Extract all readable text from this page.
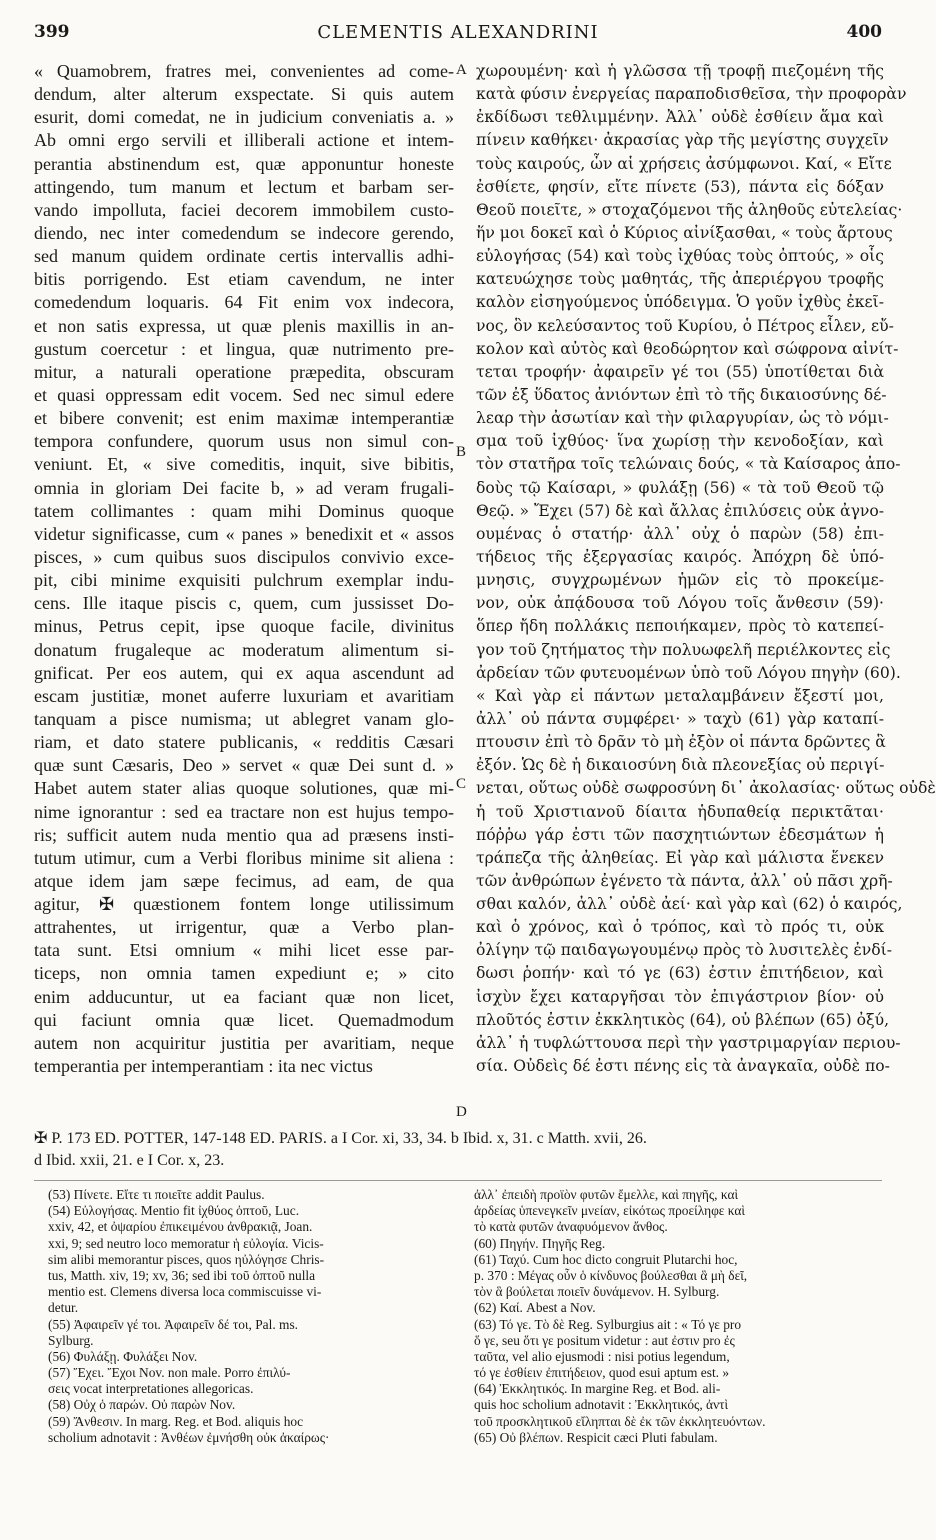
399	CLEMENTIS ALEXANDRINI	400
« Quamobrem, fratres mei, convenientes ad come-
dendum, alter alterum exspectate. Si quis autem
esurit, domi comedat, ne in judicium conveniatis a. »
Ab omni ergo servili et illiberali actione et intem-
perantia abstinendum est, quæ apponuntur honeste
attingendo, tum manum et lectum et barbam ser-
vando impolluta, faciei decorem immobilem custo-
diendo, nec inter comedendum se indecore gerendo,
sed manum quidem ordinate certis intervallis adhi-
bitis porrigendo. Est etiam cavendum, ne inter
comedendum loquaris. 64 Fit enim vox indecora,
et non satis expressa, ut quæ plenis maxillis in an-
gustum coercetur : et lingua, quæ nutrimento pre-
mitur, a naturali operatione præpedita, obscuram
et quasi oppressam edit vocem. Sed nec simul edere
et bibere convenit; est enim maximæ intemperantiæ
tempora confundere, quorum usus non simul con-
veniunt. Et, « sive comeditis, inquit, sive bibitis,
omnia in gloriam Dei facite b, » ad veram frugali-
tatem collimantes : quam mihi Dominus quoque
videtur significasse, cum « panes » benedixit et « assos
pisces, » cum quibus suos discipulos convivio exce-
pit, cibi minime exquisiti pulchrum exemplar indu-
cens. Ille itaque piscis c, quem, cum jussisset Do-
minus, Petrus cepit, ipse quoque facile, divinitus
donatum frugaleque ac moderatum alimentum si-
gnificat. Per eos autem, qui ex aqua ascendunt ad
escam justitiæ, monet auferre luxuriam et avaritiam
tanquam a pisce numisma; ut ablegret vanam glo-
riam, et dato statere publicanis, « redditis Cæsari
quæ sunt Cæsaris, Deo » servet « quæ Dei sunt d. »
Habet autem stater alias quoque solutiones, quæ mi-
nime ignorantur : sed ea tractare non est hujus tempo-
ris; sufficit autem nuda mentio qua ad præsens insti-
tutum utimur, cum a Verbi floribus minime sit aliena :
atque idem jam sæpe fecimus, ad eam, de qua
agitur, ✠ quæstionem fontem longe utilissimum
attrahentes, ut irrigentur, quæ a Verbo plan-
tata sunt. Etsi omnium « mihi licet esse par-
ticeps, non omnia tamen expediunt e; » cito
enim adducuntur, ut ea faciant quæ non licet,
qui faciunt omnia quæ licet. Quemadmodum
autem non acquiritur justitia per avaritiam, neque
temperantia per intemperantiam : ita nec victus
χωρουμένη· καὶ ἡ γλῶσσα τῇ τροφῇ πιεζομένη τῆς
κατὰ φύσιν ἐνεργείας παραποδισθεῖσα, τὴν προφορὰν
ἐκδίδωσι τεθλιμμένην. Ἀλλ᾽ οὐδὲ ἐσθίειν ἅμα καὶ
πίνειν καθήκει· ἀκρασίας γὰρ τῆς μεγίστης συγχεῖν
τοὺς καιρούς, ὧν αἱ χρήσεις ἀσύμφωνοι. Καί, « Εἴτε
ἐσθίετε, φησίν, εἴτε πίνετε (53), πάντα εἰς δόξαν
Θεοῦ ποιεῖτε, » στοχαζόμενοι τῆς ἀληθοῦς εὐτελείας·
ἥν μοι δοκεῖ καὶ ὁ Κύριος αἰνίξασθαι, « τοὺς ἄρτους
εὐλογήσας (54) καὶ τοὺς ἰχθύας τοὺς ὀπτούς, » οἷς
κατευώχησε τοὺς μαθητάς, τῆς ἀπεριέργου τροφῆς
καλὸν εἰσηγούμενος ὑπόδειγμα. Ὁ γοῦν ἰχθὺς ἐκεῖ-
νος, ὃν κελεύσαντος τοῦ Κυρίου, ὁ Πέτρος εἷλεν, εὔ-
κολον καὶ αὐτὸς καὶ θεοδώρητον καὶ σώφρονα αἰνίτ-
τεται τροφήν· ἀφαιρεῖν γέ τοι (55) ὑποτίθεται διὰ
τῶν ἐξ ὕδατος ἀνιόντων ἐπὶ τὸ τῆς δικαιοσύνης δέ-
λεαρ τὴν ἀσωτίαν καὶ τὴν φιλαργυρίαν, ὡς τὸ νόμι-
σμα τοῦ ἰχθύος· ἵνα χωρίσῃ τὴν κενοδοξίαν, καὶ
τὸν στατῆρα τοῖς τελώναις δούς, « τὰ Καίσαρος ἀπο-
δοὺς τῷ Καίσαρι, » φυλάξῃ (56) « τὰ τοῦ Θεοῦ τῷ
Θεῷ. » Ἔχει (57) δὲ καὶ ἄλλας ἐπιλύσεις οὐκ ἀγνο-
ουμένας ὁ στατήρ· ἀλλ᾽ οὐχ ὁ παρὼν (58) ἐπι-
τήδειος τῆς ἐξεργασίας καιρός. Ἀπόχρη δὲ ὑπό-
μνησις, συγχρωμένων ἡμῶν εἰς τὸ προκείμε-
νον, οὐκ ἀπᾴδουσα τοῦ Λόγου τοῖς ἄνθεσιν (59)·
ὅπερ ἤδη πολλάκις πεποιήκαμεν, πρὸς τὸ κατεπεί-
γον τοῦ ζητήματος τὴν πολυωφελῆ περιέλκοντες εἰς
ἀρδείαν τῶν φυτευομένων ὑπὸ τοῦ Λόγου πηγὴν (60).
« Καὶ γὰρ εἰ πάντων μεταλαμβάνειν ἔξεστί μοι,
ἀλλ᾽ οὐ πάντα συμφέρει· » ταχὺ (61) γὰρ καταπί-
πτουσιν ἐπὶ τὸ δρᾶν τὸ μὴ ἐξὸν οἱ πάντα δρῶντες ἃ
ἐξόν. Ὡς δὲ ἡ δικαιοσύνη διὰ πλεονεξίας οὐ περιγί-
νεται, οὕτως οὐδὲ σωφροσύνη δι᾽ ἀκολασίας· οὕτως οὐδὲ
ἡ τοῦ Χριστιανοῦ δίαιτα ἡδυπαθείᾳ περικτᾶται·
πόῤῥω γάρ ἐστι τῶν πασχητιώντων ἐδεσμάτων ἡ
τράπεζα τῆς ἀληθείας. Εἰ γὰρ καὶ μάλιστα ἕνεκεν
τῶν ἀνθρώπων ἐγένετο τὰ πάντα, ἀλλ᾽ οὐ πᾶσι χρῆ-
σθαι καλόν, ἀλλ᾽ οὐδὲ ἀεί· καὶ γὰρ καὶ (62) ὁ καιρός,
καὶ ὁ χρόνος, καὶ ὁ τρόπος, καὶ τὸ πρός τι, οὐκ
ὀλίγην τῷ παιδαγωγουμένῳ πρὸς τὸ λυσιτελὲς ἐνδί-
δωσι ῥοπήν· καὶ τό γε (63) ἐστιν ἐπιτήδειον, καὶ
ἰσχὺν ἔχει καταργῆσαι τὸν ἐπιγάστριον βίον· οὐ
πλοῦτός ἐστιν ἐκκλητικὸς (64), οὐ βλέπων (65) ὀξύ,
ἀλλ᾽ ἡ τυφλώττουσα περὶ τὴν γαστριμαργίαν περιου-
σία. Οὐδεὶς δέ ἐστι πένης εἰς τὰ ἀναγκαῖα, οὐδὲ πο-
A
B
C
D
✠ P. 173 ED. POTTER, 147-148 ED. PARIS. a I Cor. xi, 33, 34. b Ibid. x, 31. c Matth. xvii, 26.
d Ibid. xxii, 21. e I Cor. x, 23.
(53) Πίνετε. Εἴτε τι ποιεῖτε addit Paulus.
(54) Εὐλογήσας. Mentio fit ἰχθύος ὀπτοῦ, Luc.
xxiv, 42, et ὀψαρίου ἐπικειμένου ἀνθρακιᾷ, Joan.
xxi, 9; sed neutro loco memoratur ἡ εὐλογία. Vicis-
sim alibi memorantur pisces, quos ηὐλόγησε Chris-
tus, Matth. xiv, 19; xv, 36; sed ibi τοῦ ὀπτοῦ nulla
mentio est. Clemens diversa loca commiscuisse vi-
detur.
(55) Ἀφαιρεῖν γέ τοι. Ἀφαιρεῖν δέ τοι, Pal. ms.
Sylburg.
(56) Φυλάξῃ. Φυλάξει Nov.
(57) Ἔχει. Ἔχοι Nov. non male. Porro ἐπιλύ-
σεις vocat interpretationes allegoricas.
(58) Οὐχ ὁ παρών. Οὐ παρὼν Nov.
(59) Ἄνθεσιν. In marg. Reg. et Bod. aliquis hoc
scholium adnotavit : Ἀνθέων ἐμνήσθη οὐκ ἀκαίρως·
ἀλλ᾽ ἐπειδὴ προϊὸν φυτῶν ἔμελλε, καὶ πηγῆς, καὶ
ἀρδείας ὑπενεγκεῖν μνείαν, εἰκότως προείληφε καὶ
τὸ κατὰ φυτῶν ἀναφυόμενον ἄνθος.
(60) Πηγήν. Πηγῆς Reg.
(61) Ταχύ. Cum hoc dicto congruit Plutarchi hoc,
p. 370 : Μέγας οὖν ὁ κίνδυνος βούλεσθαι ἃ μὴ δεῖ,
τὸν ἃ βούλεται ποιεῖν δυνάμενον. H. Sylburg.
(62) Καί. Abest a Nov.
(63) Τό γε. Τὸ δὲ Reg. Sylburgius ait : « Τό γε pro
ὅ γε, seu ὅτι γε positum videtur : aut ἐστιν pro ἐς
ταῦτα, vel alio ejusmodi : nisi potius legendum,
τό γε ἐσθίειν ἐπιτήδειον, quod esui aptum est. »
(64) Ἐκκλητικός. In margine Reg. et Bod. ali-
quis hoc scholium adnotavit : Ἐκκλητικός, ἀντὶ
τοῦ προσκλητικοῦ εἴληπται δὲ ἐκ τῶν ἐκκλητευόντων.
(65) Οὐ βλέπων. Respicit cæci Pluti fabulam.
